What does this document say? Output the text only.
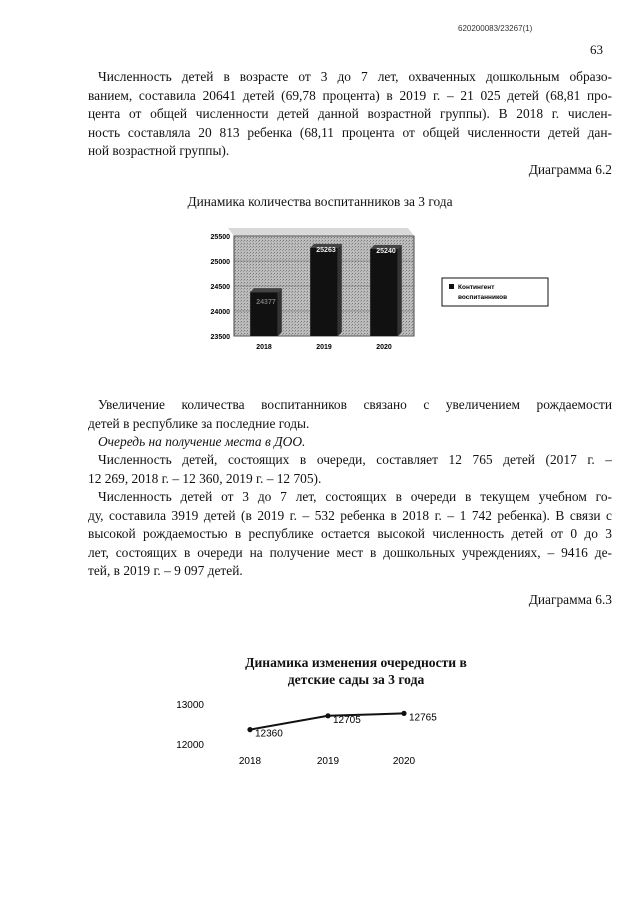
620200083/23267(1)
63
Численность детей в возрасте от 3 до 7 лет, охваченных дошкольным образо-
ванием, составила 20641 детей (69,78 процента) в 2019 г. – 21 025 детей (68,81 про-
цента от общей численности детей данной возрастной группы). В 2018 г. числен-
ность составляла 20 813 ребенка (68,11 процента от общей численности детей дан-
ной возрастной группы).
Диаграмма 6.2
Динамика количества воспитанников за 3 года
23500
24000
24500
25000
25500
2018	2019	2020
24377
25263	25240
Контингент
воспитанников
Увеличение количества воспитанников связано с увеличением рождаемости
детей в республике за последние годы.
Очередь на получение места в ДОО.
Численность детей, состоящих в очереди, составляет 12 765 детей (2017 г. –
12 269, 2018 г. – 12 360, 2019 г. – 12 705).
Численность детей от 3 до 7 лет, состоящих в очереди в текущем учебном го-
ду, составила 3919 детей (в 2019 г. – 532 ребенка в 2018 г. – 1 742 ребенка). В связи с
высокой рождаемостью в республике остается высокой численность детей от 0 до 3
лет, состоящих в очереди на получение мест в дошкольных учреждениях, – 9416 де-
тей, в 2019 г. – 9 097 детей.
Диаграмма 6.3
Динамика изменения очередности в
детские сады за 3 года
12000
13000
12360
12705	12765
2018	2019	2020
